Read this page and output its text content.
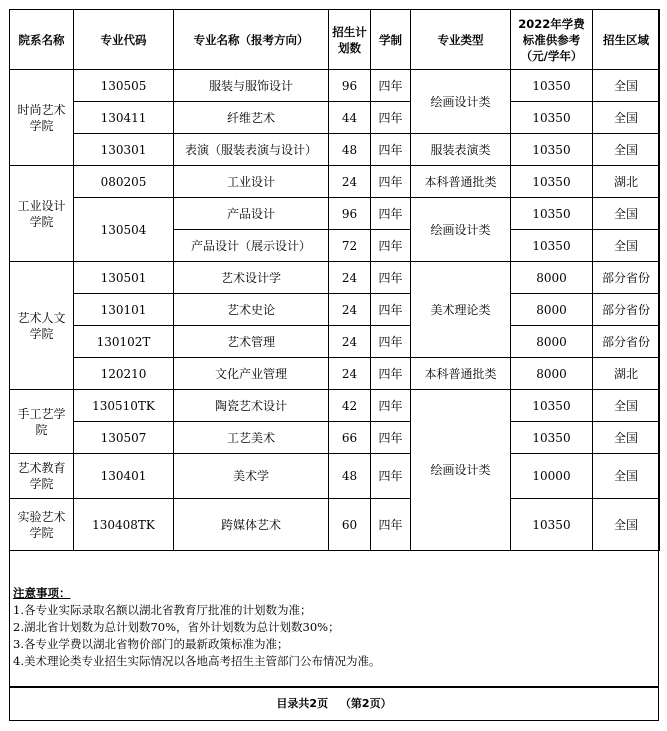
院系名称	专业代码	专业名称（报考方向）	招生计划数	学制	专业类型	2022年学费标准供参考（元/学年）	招生区域
时尚艺术学院	130505	服装与服饰设计	96	四年	绘画设计类	10350	全国
	130411	纤维艺术	44	四年		10350	全国
	130301	表演（服装表演与设计）	48	四年	服装表演类	10350	全国
工业设计学院	080205	工业设计	24	四年	本科普通批类	10350	湖北
	130504	产品设计	96	四年	绘画设计类	10350	全国
		产品设计（展示设计）	72	四年		10350	全国
艺术人文学院	130501	艺术设计学	24	四年	美术理论类	8000	部分省份
	130101	艺术史论	24	四年		8000	部分省份
	130102T	艺术管理	24	四年		8000	部分省份
	120210	文化产业管理	24	四年	本科普通批类	8000	湖北
手工艺学院	130510TK	陶瓷艺术设计	42	四年	绘画设计类	10350	全国
	130507	工艺美术	66	四年		10350	全国
艺术教育学院	130401	美术学	48	四年		10000	全国
实验艺术学院	130408TK	跨媒体艺术	60	四年		10350	全国
注意事项：
1.各专业实际录取名额以湖北省教育厅批准的计划数为准；
2.湖北省计划数为总计划数70%，省外计划数为总计划数30%；
3.各专业学费以湖北省物价部门的最新政策标准为准；
4.美术理论类专业招生实际情况以各地高考招生主管部门公布情况为准。
目录共2页 （第2页）
